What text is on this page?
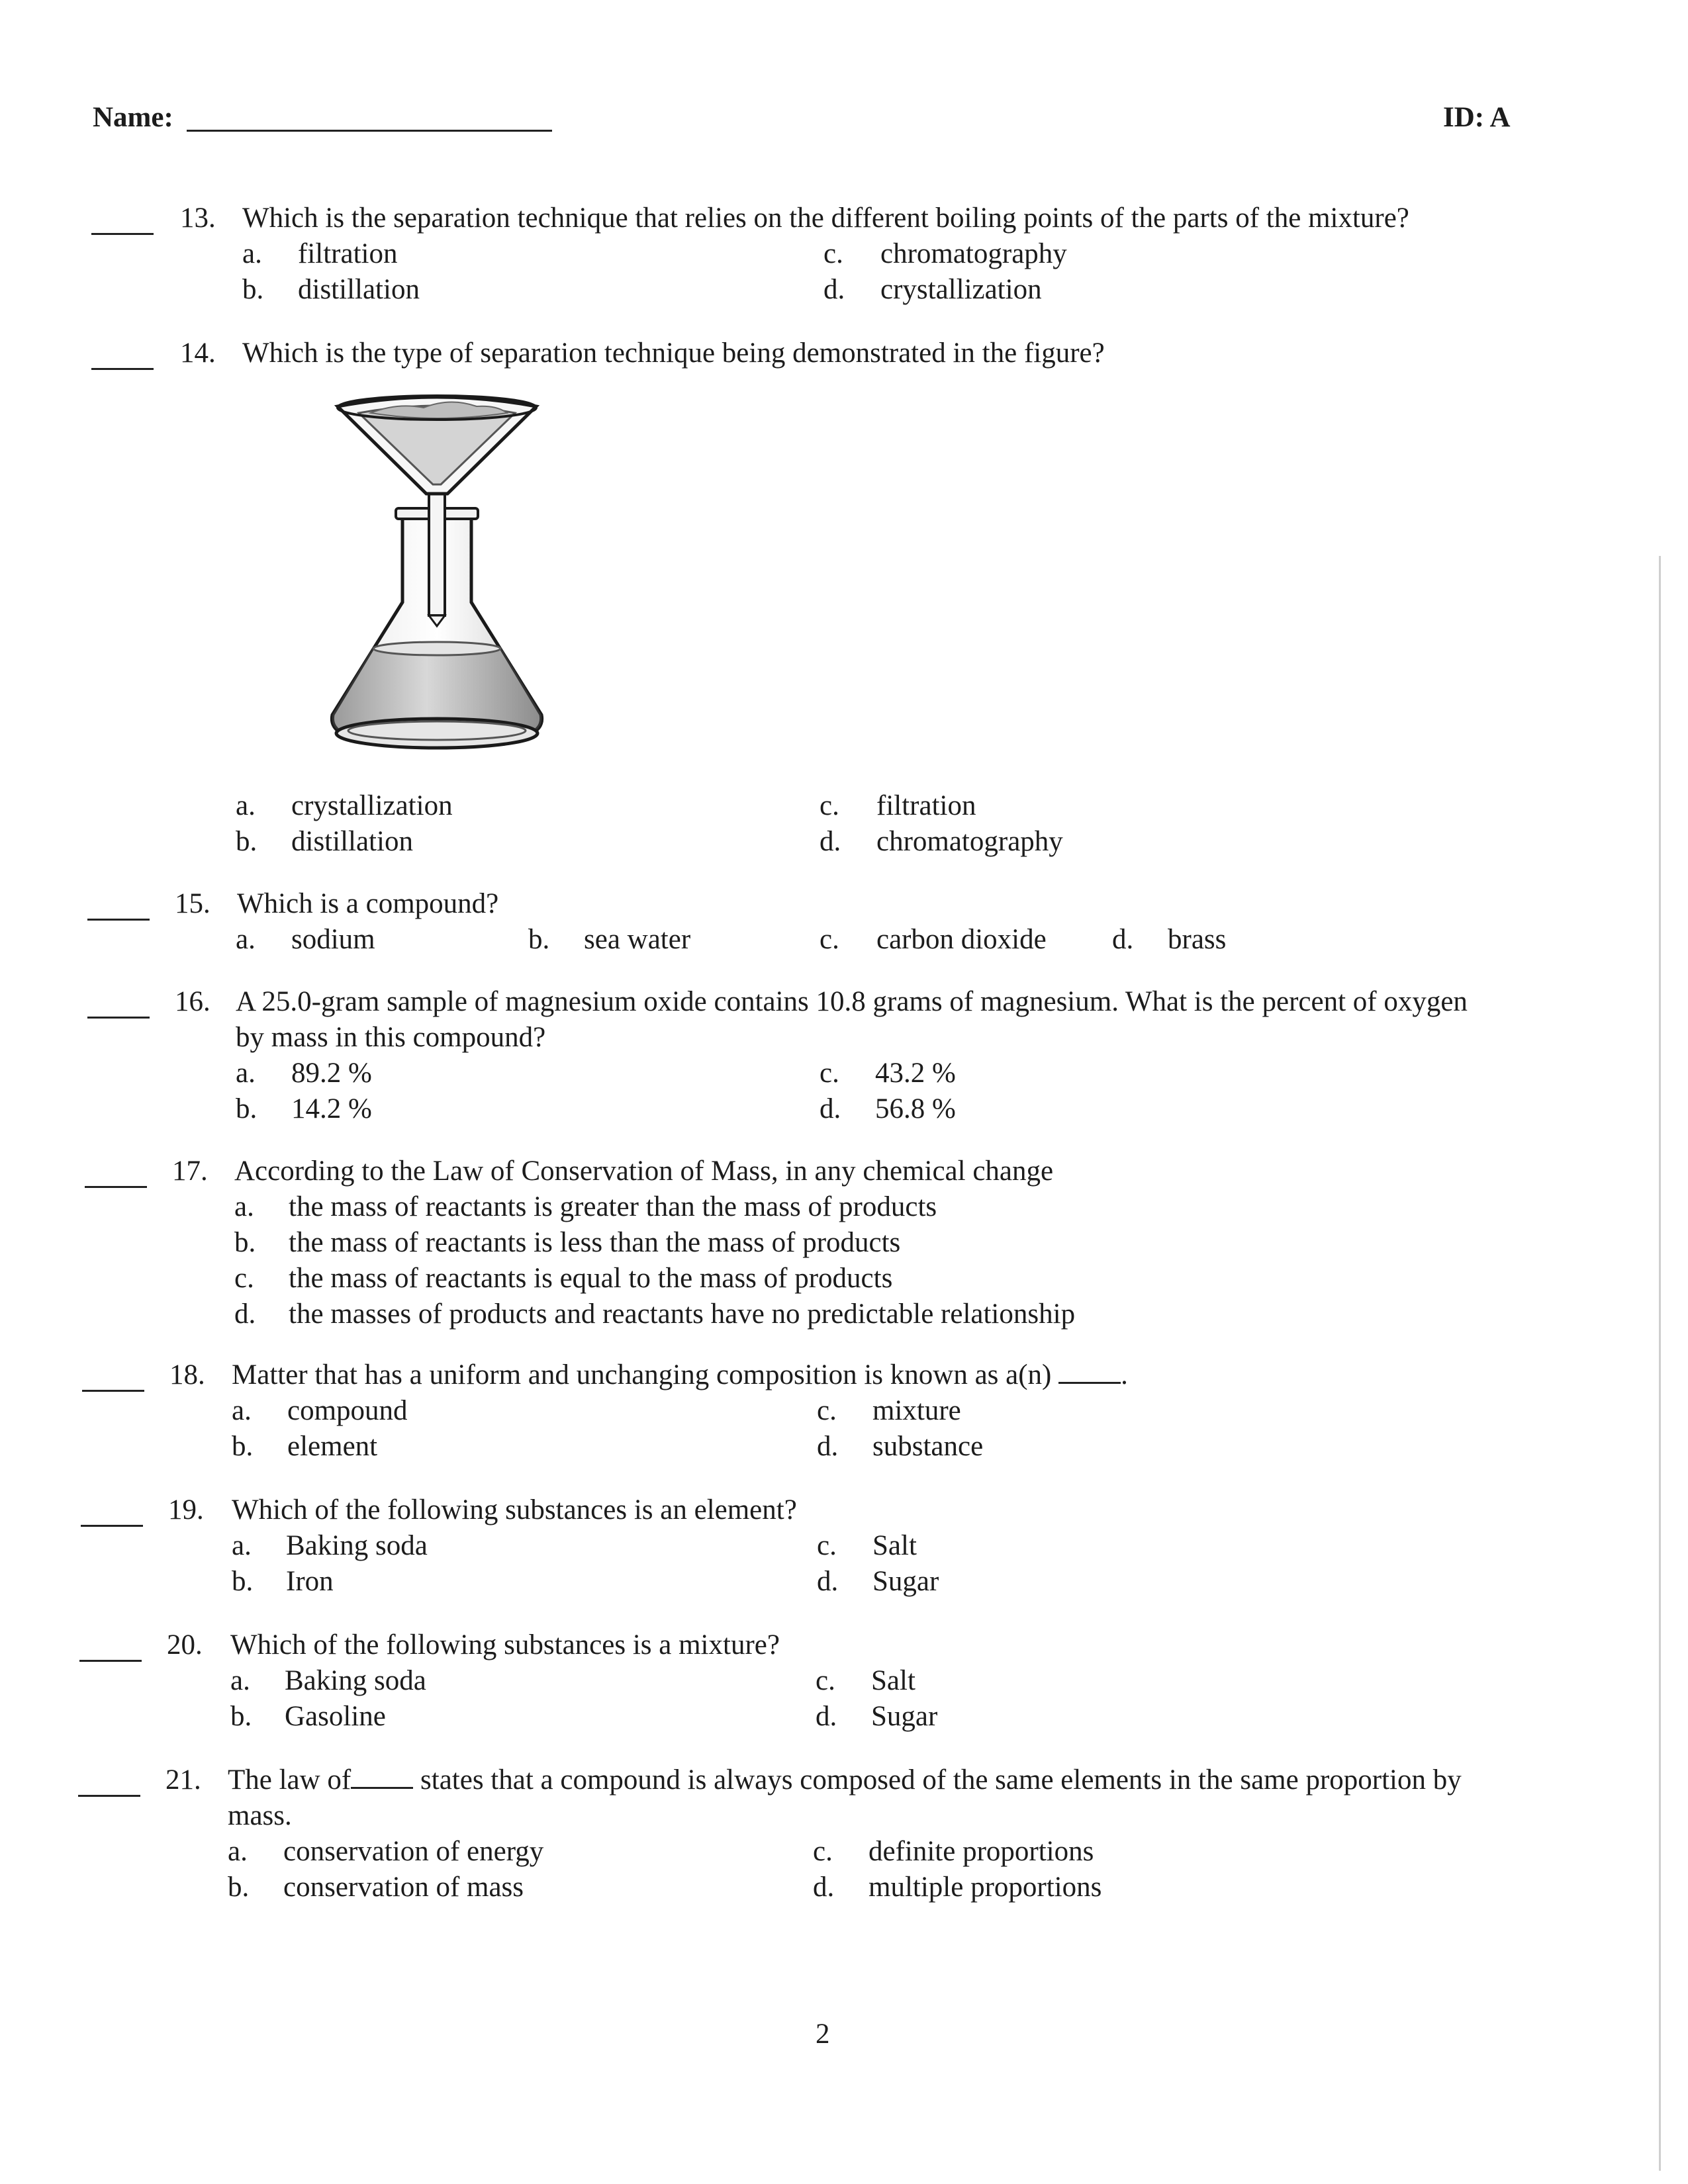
Name:	ID: A
13. Which is the separation technique that relies on the different boiling points of the parts of the mixture?
a. filtration
b. distillation
c. chromatography
d. crystallization
14. Which is the type of separation technique being demonstrated in the figure?
a. crystallization
b. distillation
c. filtration
d. chromatography
15. Which is a compound?
a. sodium	b. sea water	c. carbon dioxide d. brass
16. A 25.0-gram sample of magnesium oxide contains 10.8 grams of magnesium. What is the percent of oxygen
by mass in this compound?
a. 89.2 %
b. 14.2 %
c. 43.2 %
d. 56.8 %
17. According to the Law of Conservation of Mass, in any chemical change
a. the mass of reactants is greater than the mass of products
b. the mass of reactants is less than the mass of products
c. the mass of reactants is equal to the mass of products
d. the masses of products and reactants have no predictable relationship
18. Matter that has a uniform and unchanging composition is known as a(n) .
a. compound
b. element
c. mixture
d. substance
19. Which of the following substances is an element?
a. Baking soda
b. Iron
c. Salt
d. Sugar
20. Which of the following substances is a mixture?
a. Baking soda
b. Gasoline
c. Salt
d. Sugar
21. The law of states that a compound is always composed of the same elements in the same proportion by
mass.
a. conservation of energy
b. conservation of mass
c. definite proportions
d. multiple proportions
2
